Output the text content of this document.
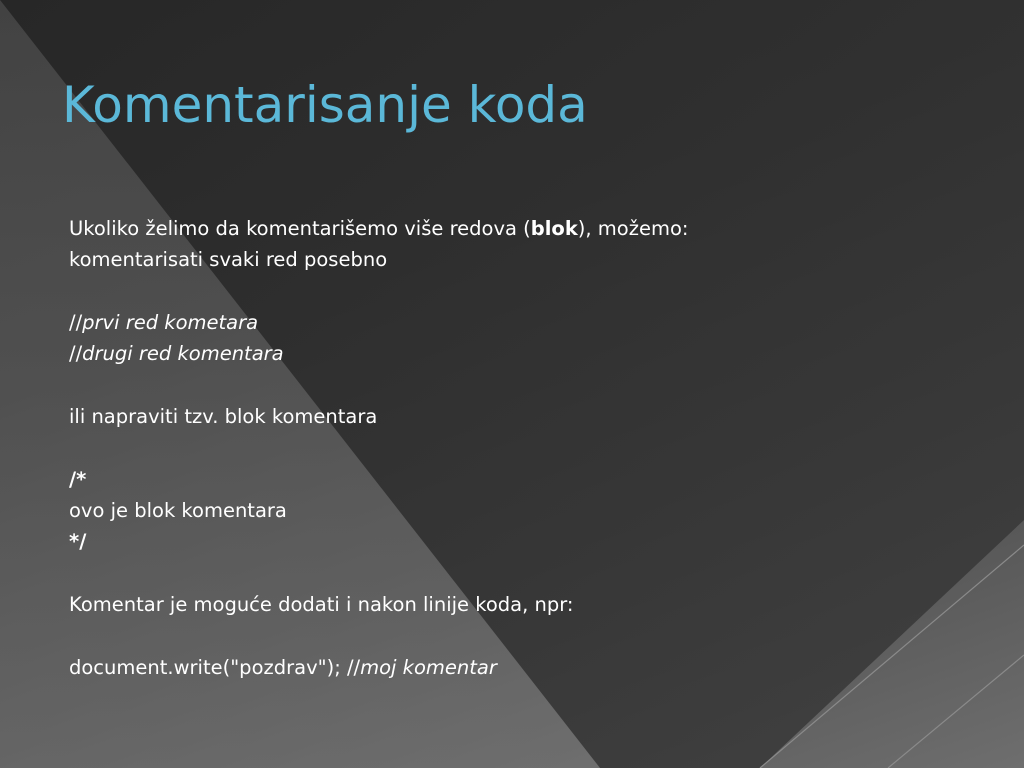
Komentarisanje koda
Ukoliko želimo da komentarišemo više redova (blok), možemo:
komentarisati svaki red posebno
//prvi red kometara
//drugi red komentara
ili napraviti tzv. blok komentara
/*
ovo je blok komentara
*/
Komentar je moguće dodati i nakon linije koda, npr:
document.write("pozdrav"); //moj komentar
